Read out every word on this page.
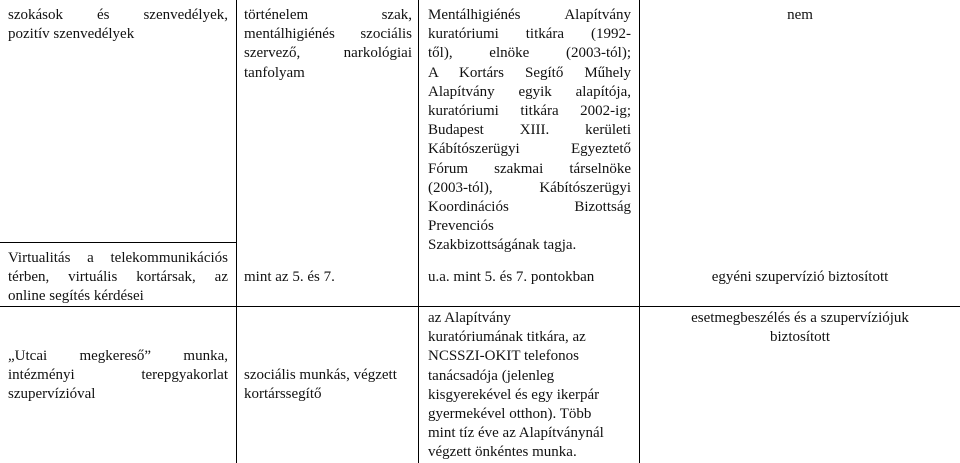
szokások és szenvedélyek,
pozitív szenvedélyek
történelem szak,
mentálhigiénés szociális
szervező, narkológiai
tanfolyam
Mentálhigiénés Alapítvány
kuratóriumi titkára (1992-
től), elnöke (2003-tól);
A Kortárs Segítő Műhely
Alapítvány egyik alapítója,
kuratóriumi titkára 2002-ig;
Budapest XIII. kerületi
Kábítószerügyi Egyeztető
Fórum szakmai társelnöke
(2003-tól), Kábítószerügyi
Koordinációs Bizottság
Prevenciós
Szakbizottságának tagja.
nem
Virtualitás a telekommunikációs
térben, virtuális kortársak, az
online segítés kérdései
mint az 5. és 7.	u.a. mint 5. és 7. pontokban	egyéni szupervízió biztosított
„Utcai megkereső” munka,
intézményi terepgyakorlat
szupervízióval
szociális munkás, végzett
kortárssegítő
az Alapítvány
kuratóriumának titkára, az
NCSSZI-OKIT telefonos
tanácsadója (jelenleg
kisgyerekével és egy ikerpár
gyermekével otthon). Több
mint tíz éve az Alapítványnál
végzett önkéntes munka.
esetmegbeszélés és a szupervíziójuk
biztosított
